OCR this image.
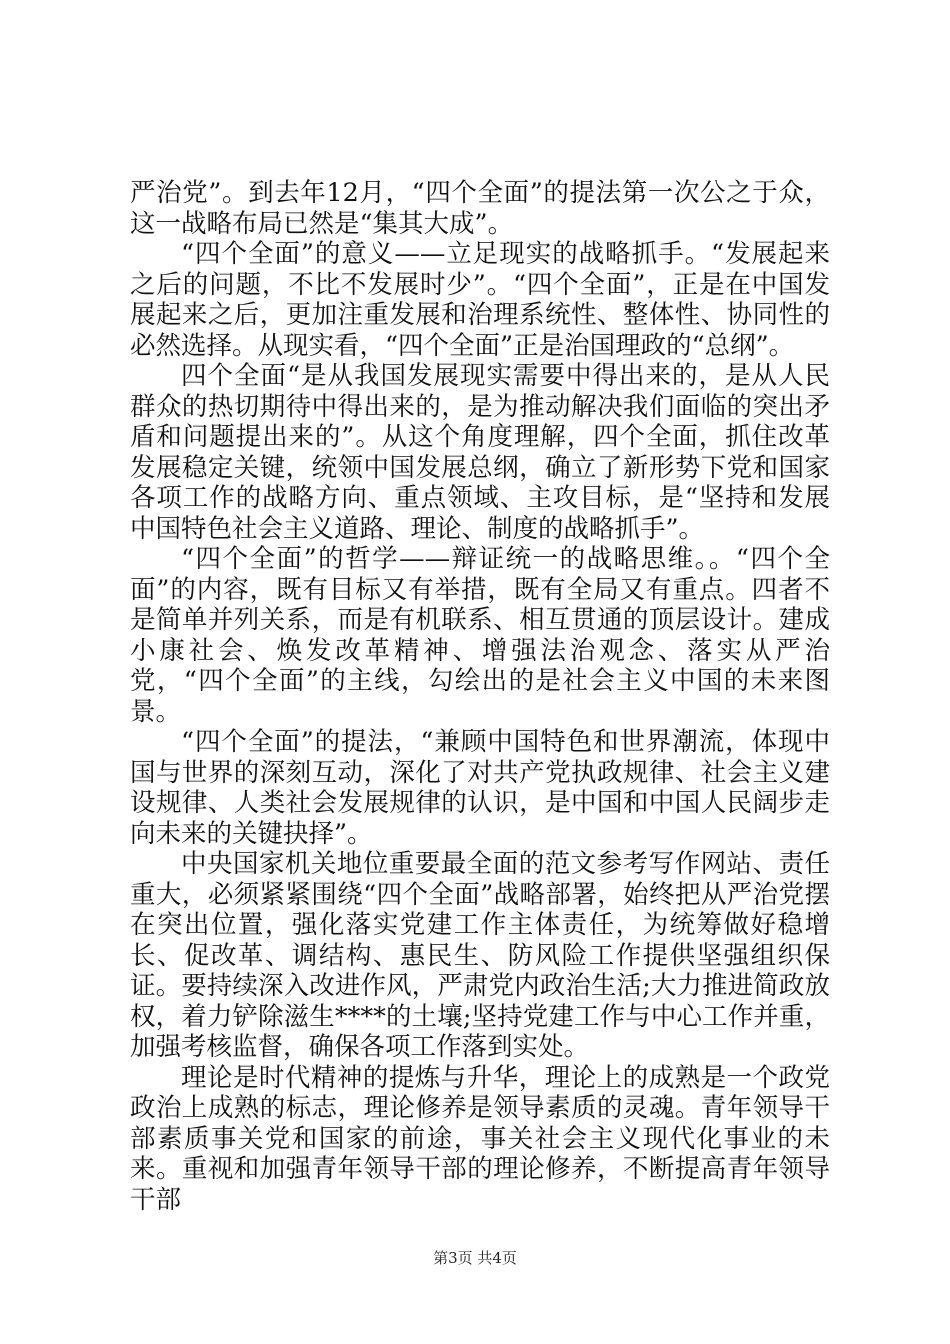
严治党”。到去年12月，“四个全面”的提法第一次公之于众，这一战略布局已然是“集其大成”。

“四个全面”的意义——立足现实的战略抓手。“发展起来之后的问题，不比不发展时少”。“四个全面”，正是在中国发展起来之后，更加注重发展和治理系统性、整体性、协同性的必然选择。从现实看，“四个全面”正是治国理政的“总纲”。

四个全面“是从我国发展现实需要中得出来的，是从人民群众的热切期待中得出来的，是为推动解决我们面临的突出矛盾和问题提出来的”。从这个角度理解，四个全面，抓住改革发展稳定关键，统领中国发展总纲，确立了新形势下党和国家各项工作的战略方向、重点领域、主攻目标，是“坚持和发展中国特色社会主义道路、理论、制度的战略抓手”。

“四个全面”的哲学——辩证统一的战略思维。。“四个全面”的内容，既有目标又有举措，既有全局又有重点。四者不是简单并列关系，而是有机联系、相互贯通的顶层设计。建成小康社会、焕发改革精神、增强法治观念、落实从严治党，“四个全面”的主线，勾绘出的是社会主义中国的未来图景。

“四个全面”的提法，“兼顾中国特色和世界潮流，体现中国与世界的深刻互动，深化了对共产党执政规律、社会主义建设规律、人类社会发展规律的认识，是中国和中国人民阔步走向未来的关键抉择”。

中央国家机关地位重要最全面的范文参考写作网站、责任重大，必须紧紧围绕“四个全面”战略部署，始终把从严治党摆在突出位置，强化落实党建工作主体责任，为统筹做好稳增长、促改革、调结构、惠民生、防风险工作提供坚强组织保证。要持续深入改进作风，严肃党内政治生活;大力推进简政放权，着力铲除滋生****的土壤;坚持党建工作与中心工作并重，加强考核监督，确保各项工作落到实处。

理论是时代精神的提炼与升华，理论上的成熟是一个政党政治上成熟的标志，理论修养是领导素质的灵魂。青年领导干部素质事关党和国家的前途，事关社会主义现代化事业的未来。重视和加强青年领导干部的理论修养，不断提高青年领导干部

第3页 共4页
